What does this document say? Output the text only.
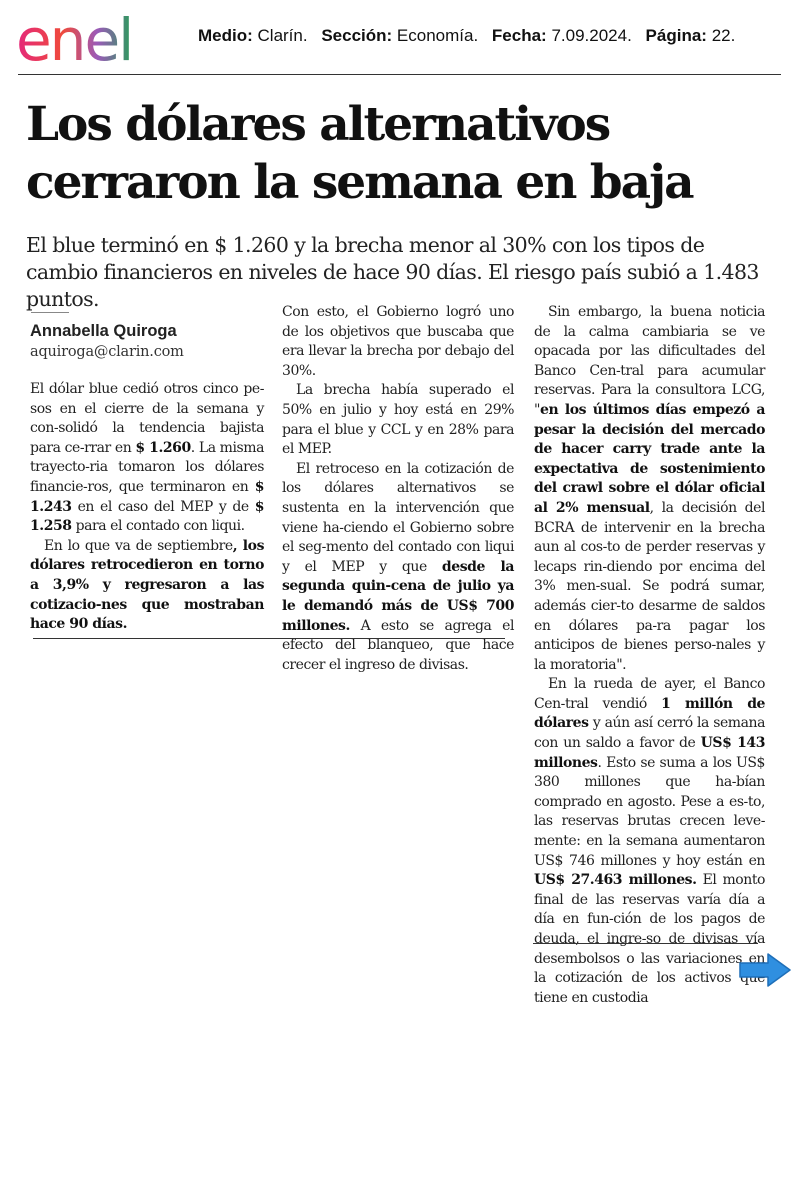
enel	Medio: Clarín. Sección: Economía. Fecha: 7.09.2024. Página: 22.
Los dólares alternativos cerraron la semana en baja

El blue terminó en $ 1.260 y la brecha menor al 30% con los tipos de cambio financieros en niveles de hace 90 días. El riesgo país subió a 1.483 puntos.

Annabella Quiroga
aquiroga@clarin.com

El dólar blue cedió otros cinco pe-sos en el cierre de la semana y con-solidó la tendencia bajista para ce-rrar en $ 1.260. La misma trayecto-ria tomaron los dólares financie-ros, que terminaron en $ 1.243 en el caso del MEP y de $ 1.258 para el contado con liqui.

En lo que va de septiembre, los dólares retrocedieron en torno a 3,9% y regresaron a las cotizacio-nes que mostraban hace 90 días.

Con esto, el Gobierno logró uno de los objetivos que buscaba que era llevar la brecha por debajo del 30%.

La brecha había superado el 50% en julio y hoy está en 29% para el blue y CCL y en 28% para el MEP.

El retroceso en la cotización de los dólares alternativos se sustenta en la intervención que viene ha-ciendo el Gobierno sobre el seg-mento del contado con liqui y el MEP y que desde la segunda quin-cena de julio ya le demandó más de US$ 700 millones. A esto se agrega el efecto del blanqueo, que hace crecer el ingreso de divisas.

Sin embargo, la buena noticia de la calma cambiaria se ve opacada por las dificultades del Banco Cen-tral para acumular reservas. Para la consultora LCG, "en los últimos días empezó a pesar la decisión del mercado de hacer carry trade ante la expectativa de sostenimiento del crawl sobre el dólar oficial al 2% mensual, la decisión del BCRA de intervenir en la brecha aun al cos-to de perder reservas y lecaps rin-diendo por encima del 3% men-sual. Se podrá sumar, además cier-to desarme de saldos en dólares pa-ra pagar los anticipos de bienes perso-nales y la moratoria".

En la rueda de ayer, el Banco Cen-tral vendió 1 millón de dólares y aún así cerró la semana con un saldo a favor de US$ 143 millones. Esto se suma a los US$ 380 millones que ha-bían comprado en agosto. Pese a es-to, las reservas brutas crecen leve-mente: en la semana aumentaron US$ 746 millones y hoy están en US$ 27.463 millones. El monto final de las reservas varía día a día en fun-ción de los pagos de deuda, el ingre-so de divisas vía desembolsos o las variaciones en la cotización de los activos que tiene en custodia
